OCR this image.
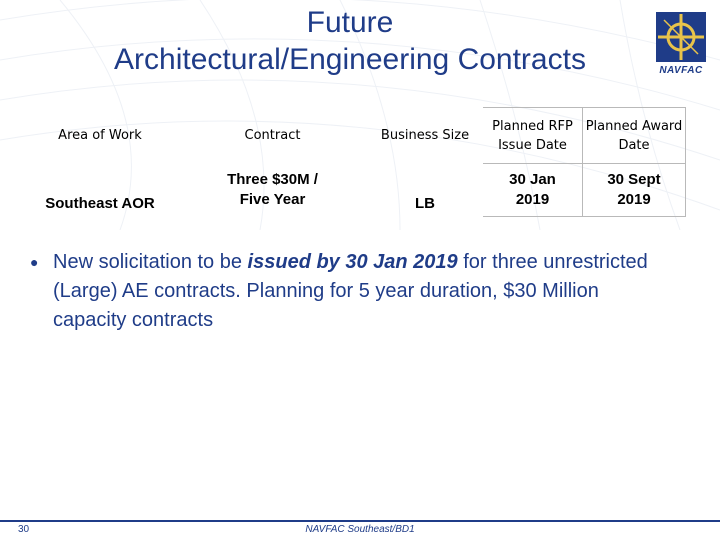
Future
Architectural/Engineering Contracts	NAVFAC
Area of Work	Contract	Business Size	Planned RFP Issue Date	Planned Award Date
Southeast AOR	Three $30M / Five Year	LB	30 Jan 2019	30 Sept 2019
● New solicitation to be issued by 30 Jan 2019 for three unrestricted (Large) AE contracts. Planning for 5 year duration, $30 Million capacity contracts
30	NAVFAC Southeast/BD1
